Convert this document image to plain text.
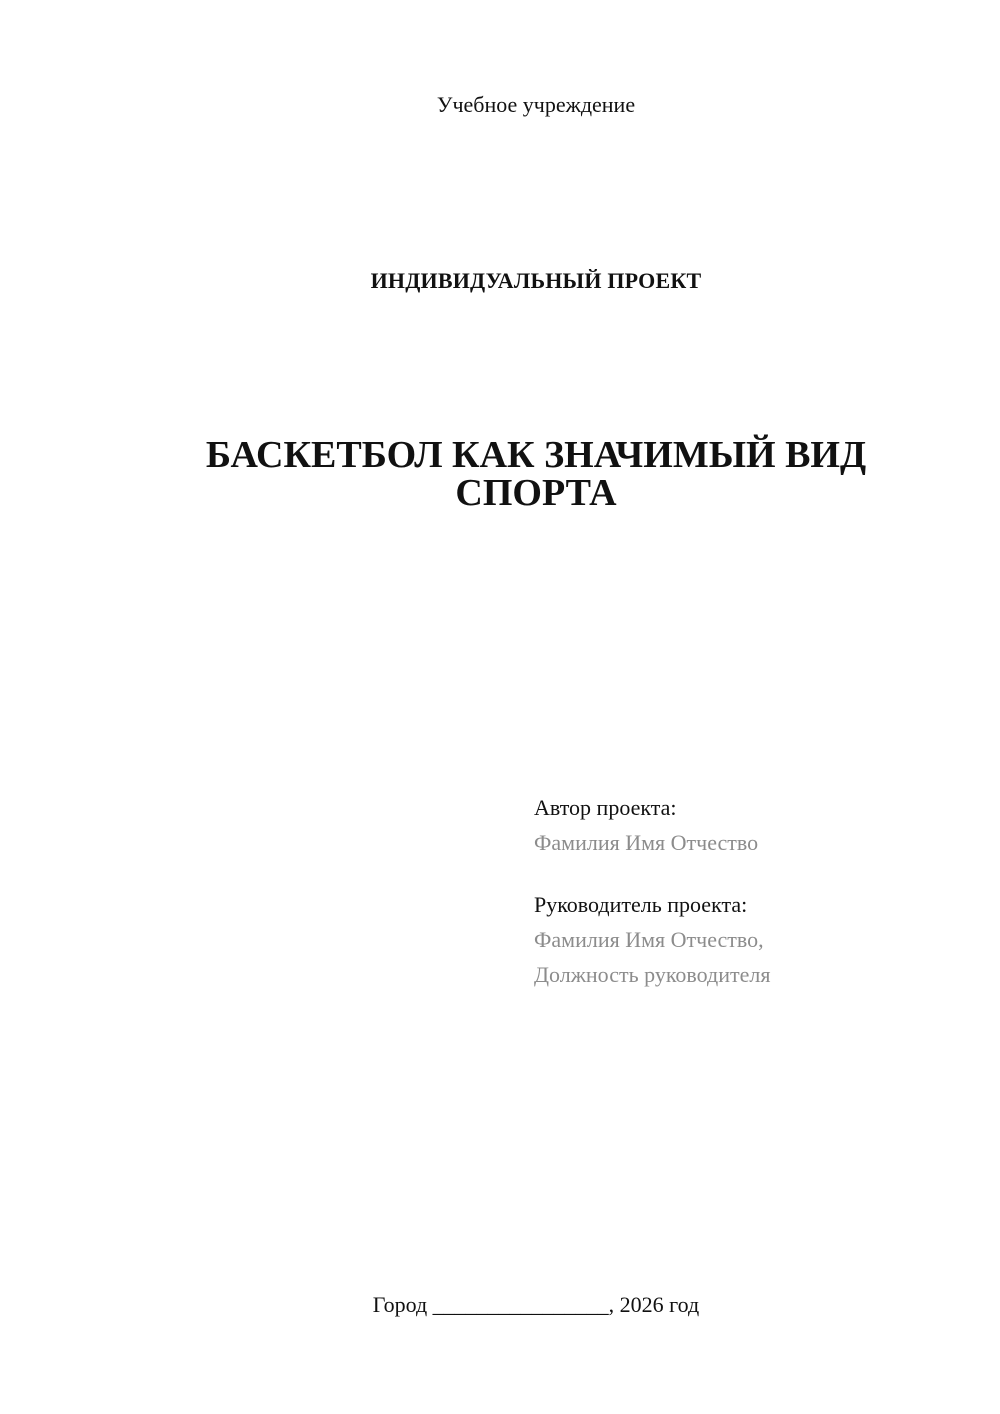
Учебное учреждение
ИНДИВИДУАЛЬНЫЙ ПРОЕКТ
БАСКЕТБОЛ КАК ЗНАЧИМЫЙ ВИД
СПОРТА
Автор проекта:
Фамилия Имя Отчество
Руководитель проекта:
Фамилия Имя Отчество,
Должность руководителя
Город ________________, 2026 год
